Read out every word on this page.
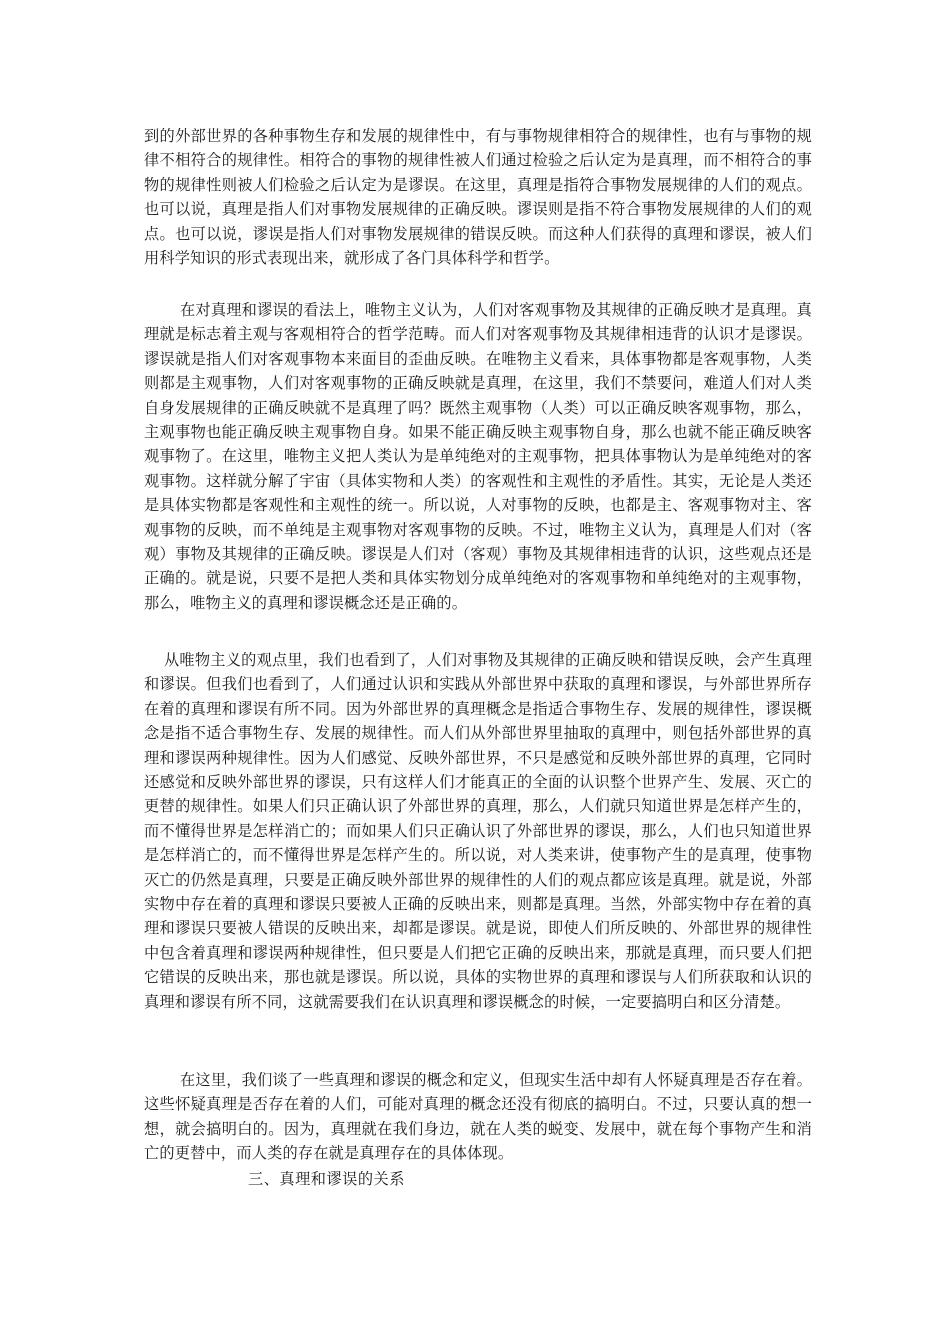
到的外部世界的各种事物生存和发展的规律性中，有与事物规律相符合的规律性，也有与事物的规律不相符合的规律性。相符合的事物的规律性被人们通过检验之后认定为是真理，而不相符合的事物的规律性则被人们检验之后认定为是谬误。在这里，真理是指符合事物发展规律的人们的观点。也可以说，真理是指人们对事物发展规律的正确反映。谬误则是指不符合事物发展规律的人们的观点。也可以说，谬误是指人们对事物发展规律的错误反映。而这种人们获得的真理和谬误，被人们用科学知识的形式表现出来，就形成了各门具体科学和哲学。

在对真理和谬误的看法上，唯物主义认为，人们对客观事物及其规律的正确反映才是真理。真理就是标志着主观与客观相符合的哲学范畴。而人们对客观事物及其规律相违背的认识才是谬误。谬误就是指人们对客观事物本来面目的歪曲反映。在唯物主义看来，具体事物都是客观事物，人类则都是主观事物，人们对客观事物的正确反映就是真理，在这里，我们不禁要问，难道人们对人类自身发展规律的正确反映就不是真理了吗？既然主观事物（人类）可以正确反映客观事物，那么，主观事物也能正确反映主观事物自身。如果不能正确反映主观事物自身，那么也就不能正确反映客观事物了。在这里，唯物主义把人类认为是单纯绝对的主观事物，把具体事物认为是单纯绝对的客观事物。这样就分解了宇宙（具体实物和人类）的客观性和主观性的矛盾性。其实，无论是人类还是具体实物都是客观性和主观性的统一。所以说，人对事物的反映，也都是主、客观事物对主、客观事物的反映，而不单纯是主观事物对客观事物的反映。不过，唯物主义认为，真理是人们对（客观）事物及其规律的正确反映。谬误是人们对（客观）事物及其规律相违背的认识，这些观点还是正确的。就是说，只要不是把人类和具体实物划分成单纯绝对的客观事物和单纯绝对的主观事物，那么，唯物主义的真理和谬误概念还是正确的。

从唯物主义的观点里，我们也看到了，人们对事物及其规律的正确反映和错误反映，会产生真理和谬误。但我们也看到了，人们通过认识和实践从外部世界中获取的真理和谬误，与外部世界所存在着的真理和谬误有所不同。因为外部世界的真理概念是指适合事物生存、发展的规律性，谬误概念是指不适合事物生存、发展的规律性。而人们从外部世界里抽取的真理中，则包括外部世界的真理和谬误两种规律性。因为人们感觉、反映外部世界，不只是感觉和反映外部世界的真理，它同时还感觉和反映外部世界的谬误，只有这样人们才能真正的全面的认识整个世界产生、发展、灭亡的更替的规律性。如果人们只正确认识了外部世界的真理，那么，人们就只知道世界是怎样产生的，而不懂得世界是怎样消亡的；而如果人们只正确认识了外部世界的谬误，那么，人们也只知道世界是怎样消亡的，而不懂得世界是怎样产生的。所以说，对人类来讲，使事物产生的是真理，使事物灭亡的仍然是真理，只要是正确反映外部世界的规律性的人们的观点都应该是真理。就是说，外部实物中存在着的真理和谬误只要被人正确的反映出来，则都是真理。当然，外部实物中存在着的真理和谬误只要被人错误的反映出来，却都是谬误。就是说，即使人们所反映的、外部世界的规律性中包含着真理和谬误两种规律性，但只要是人们把它正确的反映出来，那就是真理，而只要人们把它错误的反映出来，那也就是谬误。所以说，具体的实物世界的真理和谬误与人们所获取和认识的真理和谬误有所不同，这就需要我们在认识真理和谬误概念的时候，一定要搞明白和区分清楚。

在这里，我们谈了一些真理和谬误的概念和定义，但现实生活中却有人怀疑真理是否存在着。这些怀疑真理是否存在着的人们，可能对真理的概念还没有彻底的搞明白。不过，只要认真的想一想，就会搞明白的。因为，真理就在我们身边，就在人类的蜕变、发展中，就在每个事物产生和消亡的更替中，而人类的存在就是真理存在的具体体现。

三、真理和谬误的关系
